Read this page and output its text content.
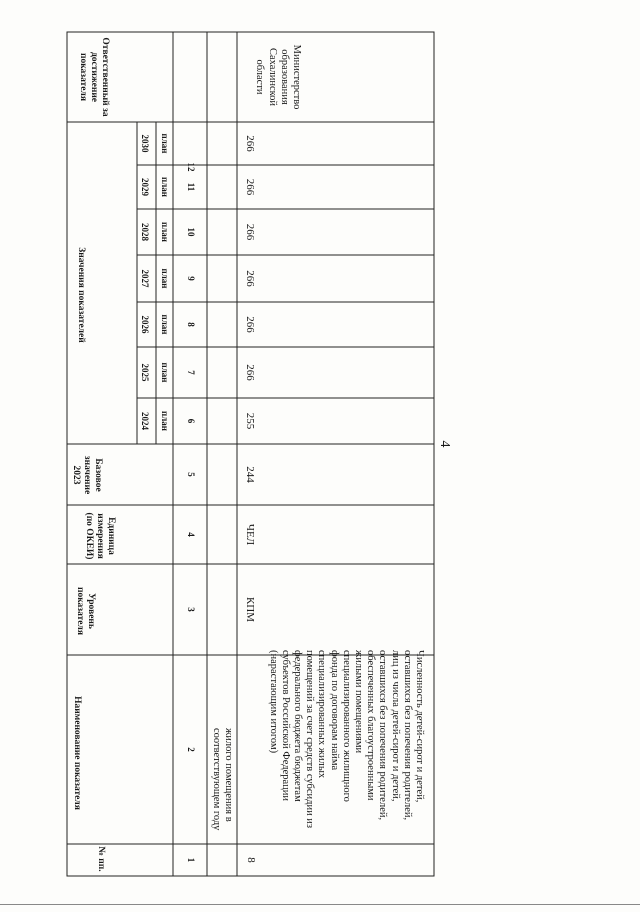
4
№ пп.
Наименование показателя
Уровень показателя
Единица измерения (по ОКЕИ)
Базовое значение 2023
Значения показателей
Ответственный за достижение показателя
2024
2025
2026
2027
2028
2029
2030
план
план
план
план
план
план
план
1
2
3
4
5
6
7
8
9
10
11
12
жилого помещения в соответствующем году
8
Численность детей-сирот и детей, оставшихся без попечения родителей, лиц из числа детей-сирот и детей, оставшихся без попечения родителей, обеспеченных благоустроенными жилыми помещениями специализированного жилищного фонда по договорам найма специализированных жилых помещений за счет средств субсидии из федерального бюджета бюджетам субъектов Российской Федерации (нарастающим итогом)
КПМ
ЧЕЛ
244
255
266
266
266
266
266
266
Министерство образования Сахалинской области
